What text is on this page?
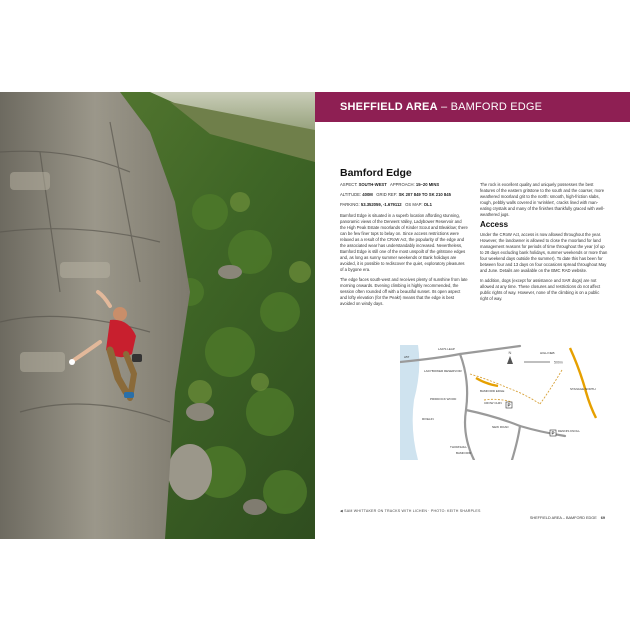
SHEFFIELD AREA – BAMFORD EDGE
Bamford Edge

ASPECT: SOUTH-WEST APPROACH: 15–20 MINS

ALTITUDE: 400M GRID REF: SK 207 849 TO SK 210 845

PARKING: 53.352059, -1.679112 OS MAP: OL1

Bamford Edge is situated in a superb location affording stunning, panoramic views of the Derwent Valley, Ladybower Reservoir and the High Peak Estate moorlands of Kinder Scout and Bleaklow; there can be few finer tops to belay on. Since access restrictions were relaxed as a result of the CRoW Act, the popularity of the edge and the associated wear has understandably increased. Nevertheless, Bamford Edge is still one of the most unspoilt of the gritstone edges and, as long as sunny summer weekends or Bank holidays are avoided, it is possible to rediscover the quiet, exploratory pleasures of a bygone era.

The edge faces south-west and receives plenty of sunshine from late morning onwards. Evening climbing is highly recommended, the session often rounded off with a beautiful sunset. Its open aspect and lofty elevation (for the Peak!) means that the edge is best avoided on windy days.

The rock is excellent quality and uniquely possesses the best features of the eastern gritstone to the south and the coarser, more weathered moorland grit to the north: smooth, high-friction slabs, rough, pebbly walls covered in 'wrinkles', cracks lined with man-eating crystals and many of the finishes thankfully graced with well-weathered jugs.

Access

Under the CRoW Act, access is now allowed throughout the year. However, the landowner is allowed to close the moorland for land management reasons for periods of time throughout the year (of up to 28 days excluding bank holidays, summer weekends or more than four weekend days outside the summer). To date this has been for between four and 13 days on four occasions spread throughout May and June. Details are available on the BMC RAD website.

In addition, dogs (except for assistance and SAR dogs) are not allowed at any time. These closures and restrictions do not affect public rights of way. However, none of the climbing is on a public right of way.

P
P
N
500m
LADYBOWER RESERVOIR
A57
LAD'S LEAP
PRIDDOCK WOOD
BAMFORD EDGE	STANAGE NORTH
CROW CHIN
NEW ROAD
DENNIS KNOLL
THORNHILL
BAMFORD
HIGH NEB
RIVELIN
◀ SAM WHITTAKER ON TRACKS WITH LICHEN · PHOTO: KEITH SHARPLES
SHEFFIELD AREA – BAMFORD EDGE 69
